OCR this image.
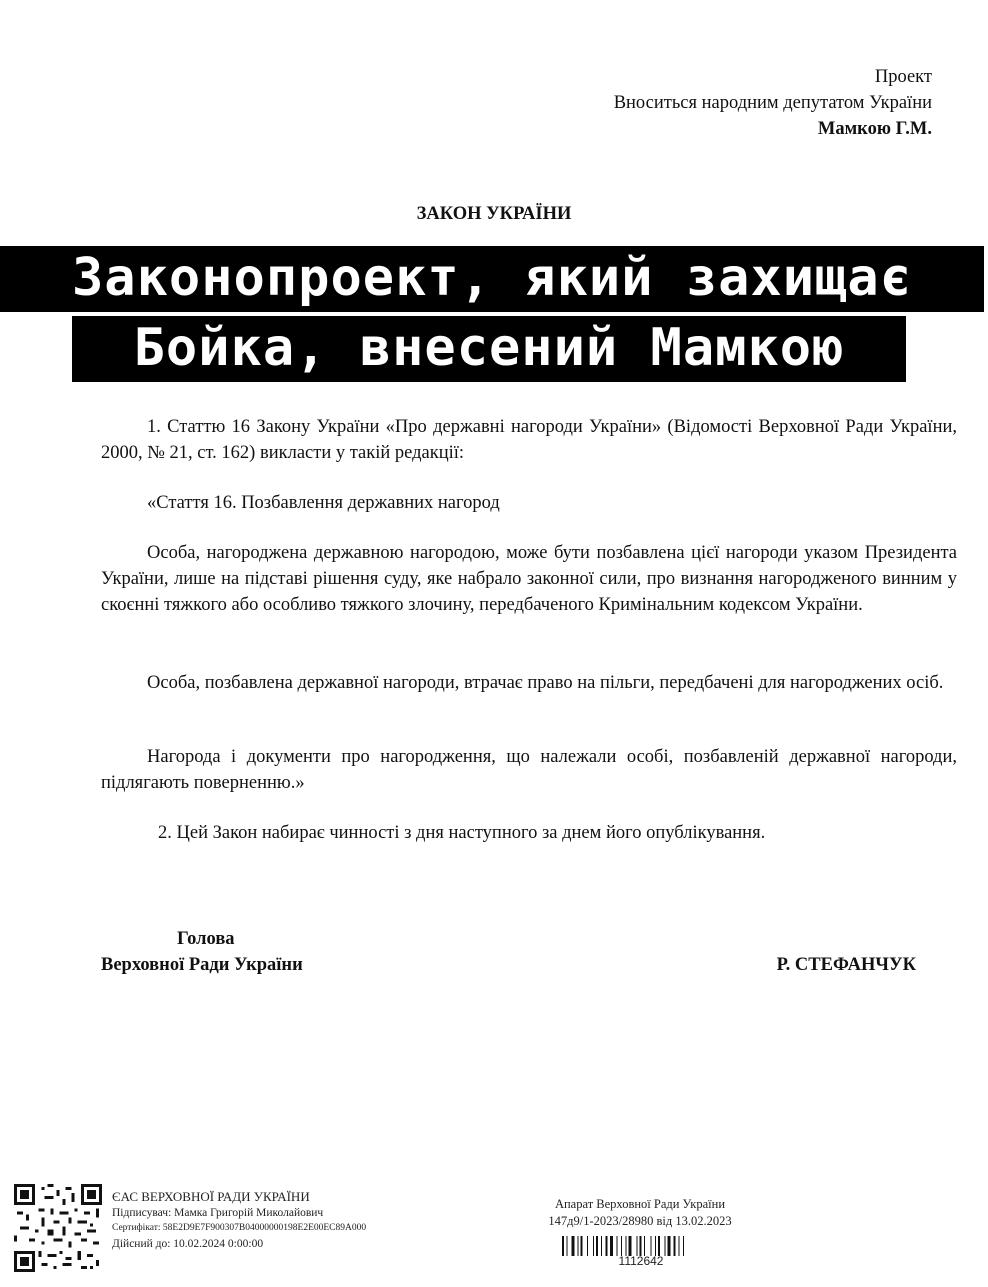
Проект
Вноситься народним депутатом України
Мамкою Г.М.
ЗАКОН УКРАЇНИ
Законопроект, який захищає
Бойка, внесений Мамкою
1. Статтю 16 Закону України «Про державні нагороди України» (Відомості Верховної Ради України, 2000, № 21, ст. 162) викласти у такій редакції:
«Стаття 16. Позбавлення державних нагород
Особа, нагороджена державною нагородою, може бути позбавлена цієї нагороди указом Президента України, лише на підставі рішення суду, яке набрало законної сили, про визнання нагородженого винним у скоєнні тяжкого або особливо тяжкого злочину, передбаченого Кримінальним кодексом України.
Особа, позбавлена державної нагороди, втрачає право на пільги, передбачені для нагороджених осіб.
Нагорода і документи про нагородження, що належали особі, позбавленій державної нагороди, підлягають поверненню.»
2. Цей Закон набирає чинності з дня наступного за днем його опублікування.
Голова
Верховної Ради України	Р. СТЕФАНЧУК
ЄАС ВЕРХОВНОЇ РАДИ УКРАЇНИ
Підписувач: Мамка Григорій Миколайович
Сертифікат: 58E2D9E7F900307B04000000198E2E00EC89A000
Дійсний до: 10.02.2024 0:00:00
Апарат Верховної Ради України
147д9/1-2023/28980 від 13.02.2023
1112642
